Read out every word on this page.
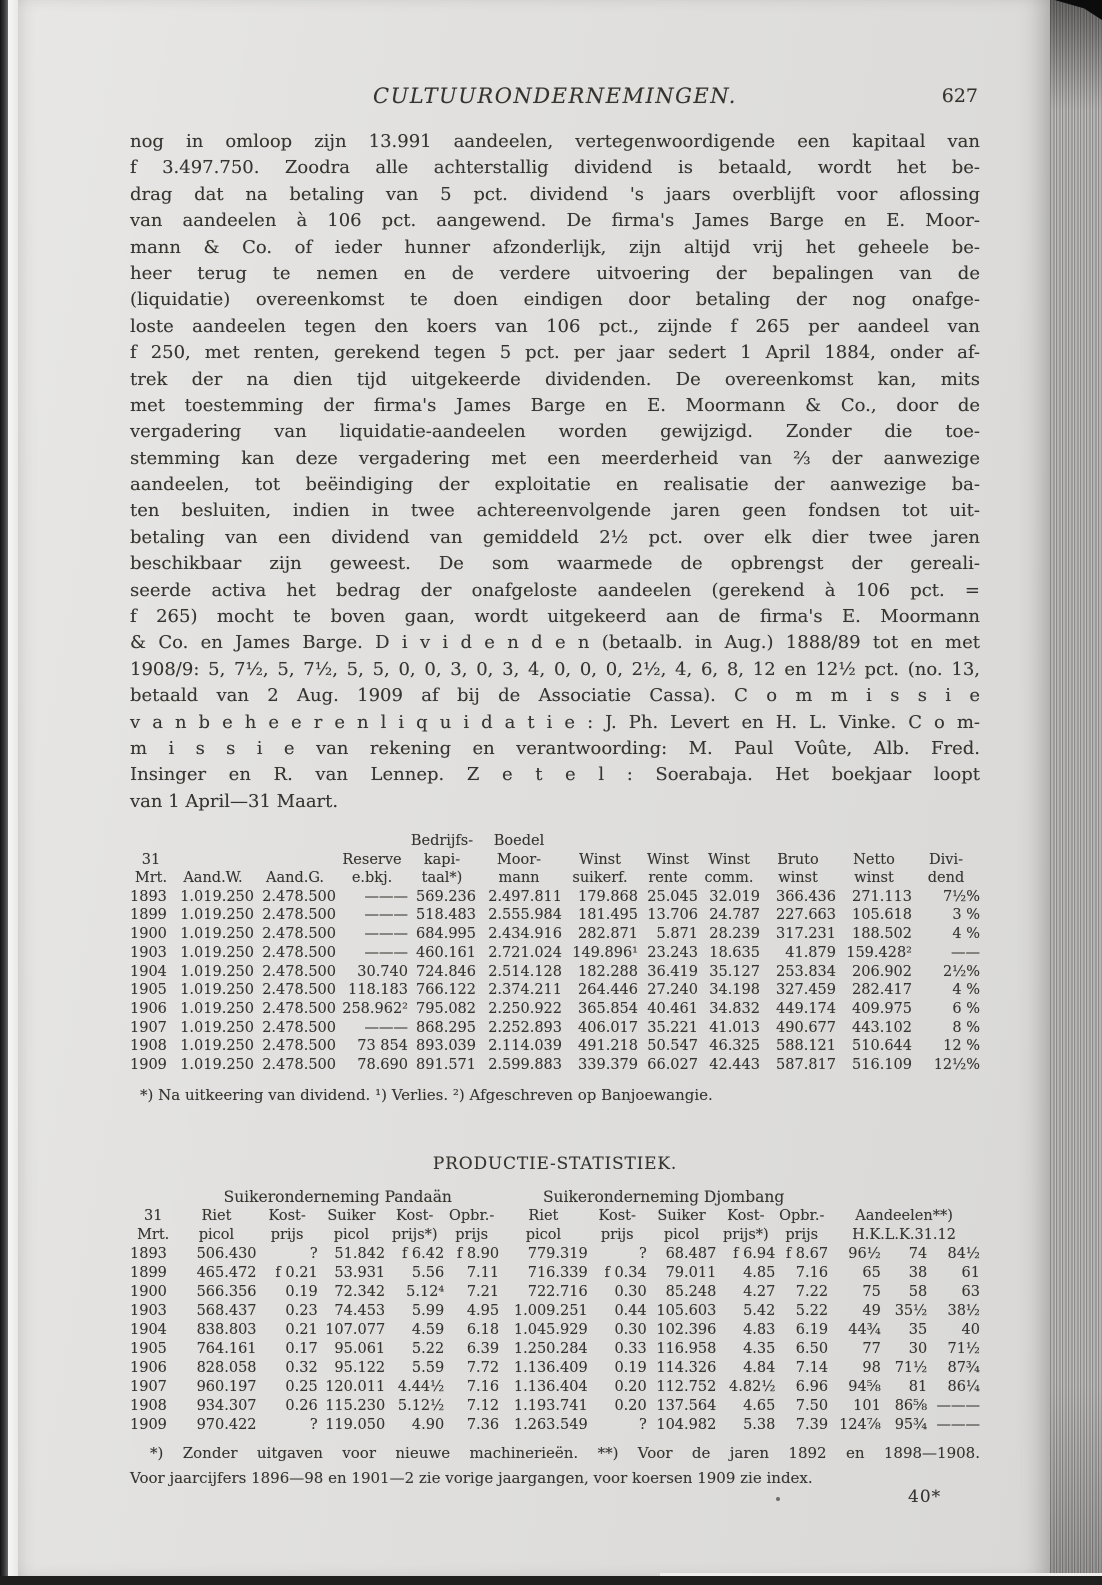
CULTUURONDERNEMINGEN.	627
nog in omloop zijn 13.991 aandeelen, vertegenwoordigende een kapitaal van
f 3.497.750. Zoodra alle achterstallig dividend is betaald, wordt het be-
drag dat na betaling van 5 pct. dividend 's jaars overblijft voor aflossing
van aandeelen à 106 pct. aangewend. De firma's James Barge en E. Moor-
mann & Co. of ieder hunner afzonderlijk, zijn altijd vrij het geheele be-
heer terug te nemen en de verdere uitvoering der bepalingen van de
(liquidatie) overeenkomst te doen eindigen door betaling der nog onafge-
loste aandeelen tegen den koers van 106 pct., zijnde f 265 per aandeel van
f 250, met renten, gerekend tegen 5 pct. per jaar sedert 1 April 1884, onder af-
trek der na dien tijd uitgekeerde dividenden. De overeenkomst kan, mits
met toestemming der firma's James Barge en E. Moormann & Co., door de
vergadering van liquidatie-aandeelen worden gewijzigd. Zonder die toe-
stemming kan deze vergadering met een meerderheid van ⅔ der aanwezige
aandeelen, tot beëindiging der exploitatie en realisatie der aanwezige ba-
ten besluiten, indien in twee achtereenvolgende jaren geen fondsen tot uit-
betaling van een dividend van gemiddeld 2½ pct. over elk dier twee jaren
beschikbaar zijn geweest. De som waarmede de opbrengst der gereali-
seerde activa het bedrag der onafgeloste aandeelen (gerekend à 106 pct. =
f 265) mocht te boven gaan, wordt uitgekeerd aan de firma's E. Moormann
& Co. en James Barge. D i v i d e n d e n (betaalb. in Aug.) 1888/89 tot en met
1908/9: 5, 7½, 5, 7½, 5, 5, 0, 0, 3, 0, 3, 4, 0, 0, 0, 2½, 4, 6, 8, 12 en 12½ pct. (no. 13,
betaald van 2 Aug. 1909 af bij de Associatie Cassa). C o m m i s s i e
v a n b e h e e r e n l i q u i d a t i e : J. Ph. Levert en H. L. Vinke. C o m-
m i s s i e van rekening en verantwoording: M. Paul Voûte, Alb. Fred.
Insinger en R. van Lennep. Z e t e l : Soerabaja. Het boekjaar loopt
van 1 April—31 Maart.
				Bedrijfs-	Boedel						
31			Reserve	kapi-	Moor-	Winst	Winst	Winst	Bruto	Netto	Divi-
Mrt.	Aand.W.	Aand.G.	e.bkj.	taal*)	mann	suikerf.	rente	comm.	winst	winst	dend
1893	1.019.250	2.478.500	———	569.236	2.497.811	179.868	25.045	32.019	366.436	271.113	7½%
1899	1.019.250	2.478.500	———	518.483	2.555.984	181.495	13.706	24.787	227.663	105.618	3 %
1900	1.019.250	2.478.500	———	684.995	2.434.916	282.871	5.871	28.239	317.231	188.502	4 %
1903	1.019.250	2.478.500	———	460.161	2.721.024	149.896¹	23.243	18.635	41.879	159.428²	——
1904	1.019.250	2.478.500	30.740	724.846	2.514.128	182.288	36.419	35.127	253.834	206.902	2½%
1905	1.019.250	2.478.500	118.183	766.122	2.374.211	264.446	27.240	34.198	327.459	282.417	4 %
1906	1.019.250	2.478.500	258.962²	795.082	2.250.922	365.854	40.461	34.832	449.174	409.975	6 %
1907	1.019.250	2.478.500	———	868.295	2.252.893	406.017	35.221	41.013	490.677	443.102	8 %
1908	1.019.250	2.478.500	73 854	893.039	2.114.039	491.218	50.547	46.325	588.121	510.644	12 %
1909	1.019.250	2.478.500	78.690	891.571	2.599.883	339.379	66.027	42.443	587.817	516.109	12½%
*) Na uitkeering van dividend. ¹) Verlies. ²) Afgeschreven op Banjoewangie.
PRODUCTIE-STATISTIEK.
	Suikeronderneming Pandaän					Suikeronderneming Djombang							
31	Riet	Kost-	Suiker	Kost-	Opbr.-	Riet	Kost-	Suiker	Kost-	Opbr.-	Aandeelen**)		
Mrt.	picol	prijs	picol	prijs*)	prijs	picol	prijs	picol	prijs*)	prijs	H.K.L.K.31.12		
1893	506.430	?	51.842	f 6.42	f 8.90	779.319	?	68.487	f 6.94	f 8.67	96½	74	84½
1899	465.472	f 0.21	53.931	5.56	7.11	716.339	f 0.34	79.011	4.85	7.16	65	38	61
1900	566.356	0.19	72.342	5.12⁴	7.21	722.716	0.30	85.248	4.27	7.22	75	58	63
1903	568.437	0.23	74.453	5.99	4.95	1.009.251	0.44	105.603	5.42	5.22	49	35½	38½
1904	838.803	0.21	107.077	4.59	6.18	1.045.929	0.30	102.396	4.83	6.19	44¾	35	40
1905	764.161	0.17	95.061	5.22	6.39	1.250.284	0.33	116.958	4.35	6.50	77	30	71½
1906	828.058	0.32	95.122	5.59	7.72	1.136.409	0.19	114.326	4.84	7.14	98	71½	87¾
1907	960.197	0.25	120.011	4.44½	7.16	1.136.404	0.20	112.752	4.82½	6.96	94⅝	81	86¼
1908	934.307	0.26	115.230	5.12½	7.12	1.193.741	0.20	137.564	4.65	7.50	101	86⅝	———
1909	970.422	?	119.050	4.90	7.36	1.263.549	?	104.982	5.38	7.39	124⅞	95¾	———
*) Zonder uitgaven voor nieuwe machinerieën. **) Voor de jaren 1892 en 1898—1908.
Voor jaarcijfers 1896—98 en 1901—2 zie vorige jaargangen, voor koersen 1909 zie index.
40*
